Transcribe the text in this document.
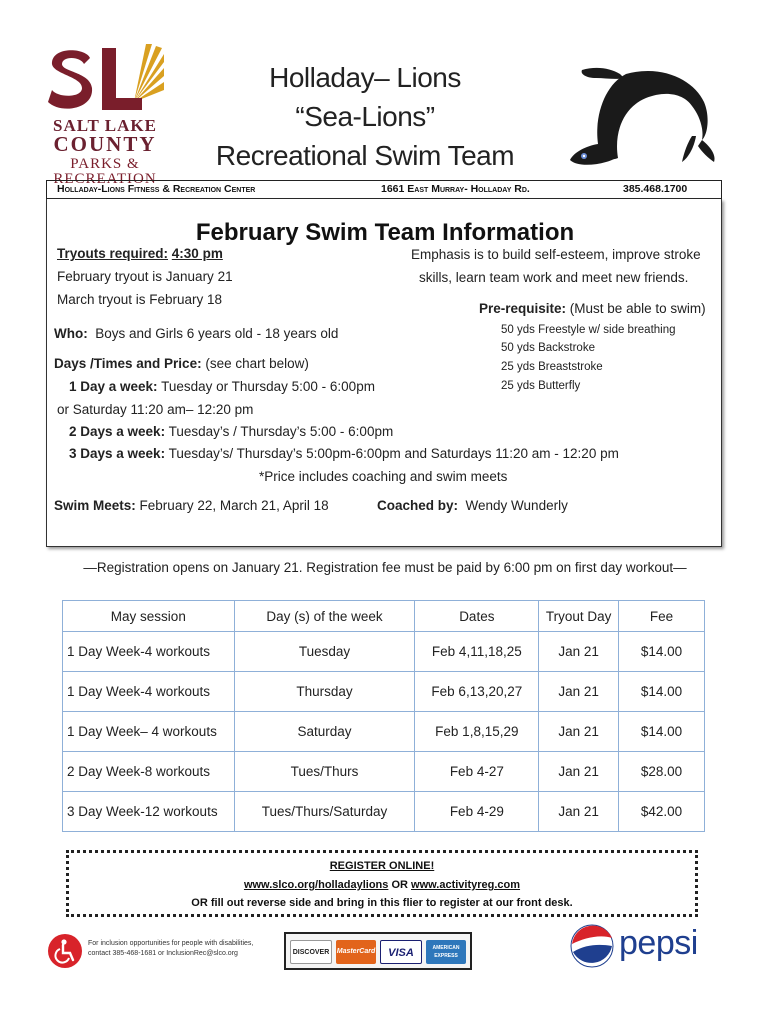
SALT LAKE
COUNTY
PARKS &
RECREATION
Holladay– Lions
“Sea-Lions”
Recreational Swim Team
Holladay-Lions Fitness & Recreation Center	1661 East Murray- Holladay Rd.	385.468.1700
February Swim Team Information
Tryouts required: 4:30 pm
February tryout is January 21
March tryout is February 18
Emphasis is to build self-esteem, improve stroke
skills, learn team work and meet new friends.
Pre-requisite: (Must be able to swim)
50 yds Freestyle w/ side breathing
50 yds Backstroke
25 yds Breaststroke
25 yds Butterfly
Who: Boys and Girls 6 years old - 18 years old
Days /Times and Price: (see chart below)
1 Day a week: Tuesday or Thursday 5:00 - 6:00pm
or Saturday 11:20 am– 12:20 pm
2 Days a week: Tuesday’s / Thursday’s 5:00 - 6:00pm
3 Days a week: Tuesday’s/ Thursday’s 5:00pm-6:00pm and Saturdays 11:20 am - 12:20 pm
*Price includes coaching and swim meets
Swim Meets: February 22, March 21, April 18	Coached by: Wendy Wunderly
—Registration opens on January 21. Registration fee must be paid by 6:00 pm on first day workout—
May session	Day (s) of the week	Dates	Tryout Day	Fee
1 Day Week-4 workouts	Tuesday	Feb 4,11,18,25	Jan 21	$14.00
1 Day Week-4 workouts	Thursday	Feb 6,13,20,27	Jan 21	$14.00
1 Day Week– 4 workouts	Saturday	Feb 1,8,15,29	Jan 21	$14.00
2 Day Week-8 workouts	Tues/Thurs	Feb 4-27	Jan 21	$28.00
3 Day Week-12 workouts	Tues/Thurs/Saturday	Feb 4-29	Jan 21	$42.00
REGISTER ONLINE!
www.slco.org/holladaylions OR www.activityreg.com
OR fill out reverse side and bring in this flier to register at our front desk.
For inclusion opportunities for people with disabilities,
contact 385-468-1681 or InclusionRec@slco.org	DISCOVER	MasterCard	VISA	AMERICAN EXPRESS	pepsi
